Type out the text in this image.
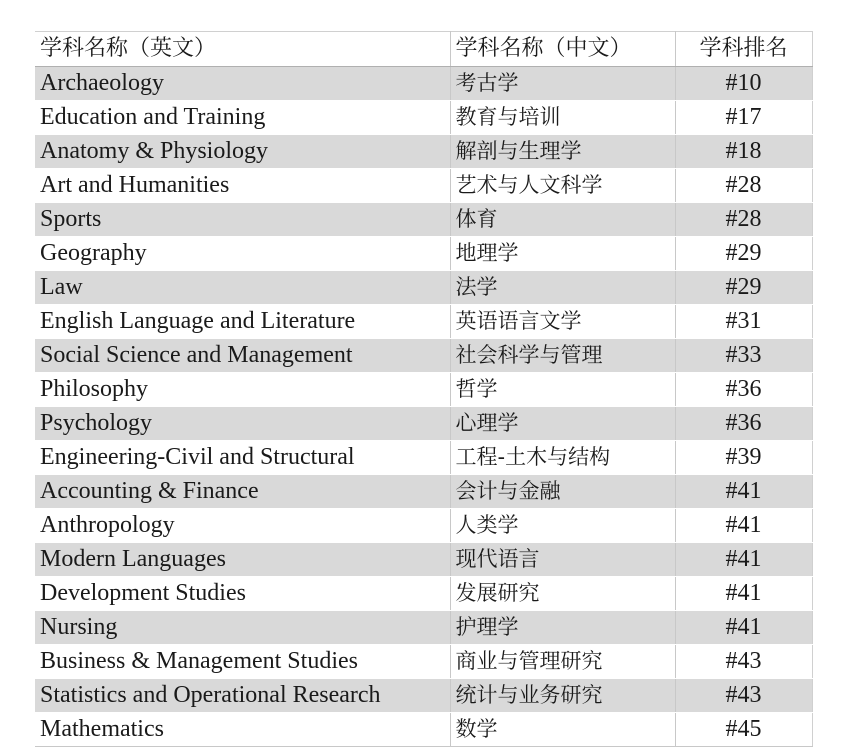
学科名称（英文）	学科名称（中文）	学科排名
Archaeology	考古学	#10
Education and Training	教育与培训	#17
Anatomy & Physiology	解剖与生理学	#18
Art and Humanities	艺术与人文科学	#28
Sports	体育	#28
Geography	地理学	#29
Law	法学	#29
English Language and Literature	英语语言文学	#31
Social Science and Management	社会科学与管理	#33
Philosophy	哲学	#36
Psychology	心理学	#36
Engineering-Civil and Structural	工程-土木与结构	#39
Accounting & Finance	会计与金融	#41
Anthropology	人类学	#41
Modern Languages	现代语言	#41
Development Studies	发展研究	#41
Nursing	护理学	#41
Business & Management Studies	商业与管理研究	#43
Statistics and Operational Research	统计与业务研究	#43
Mathematics	数学	#45
